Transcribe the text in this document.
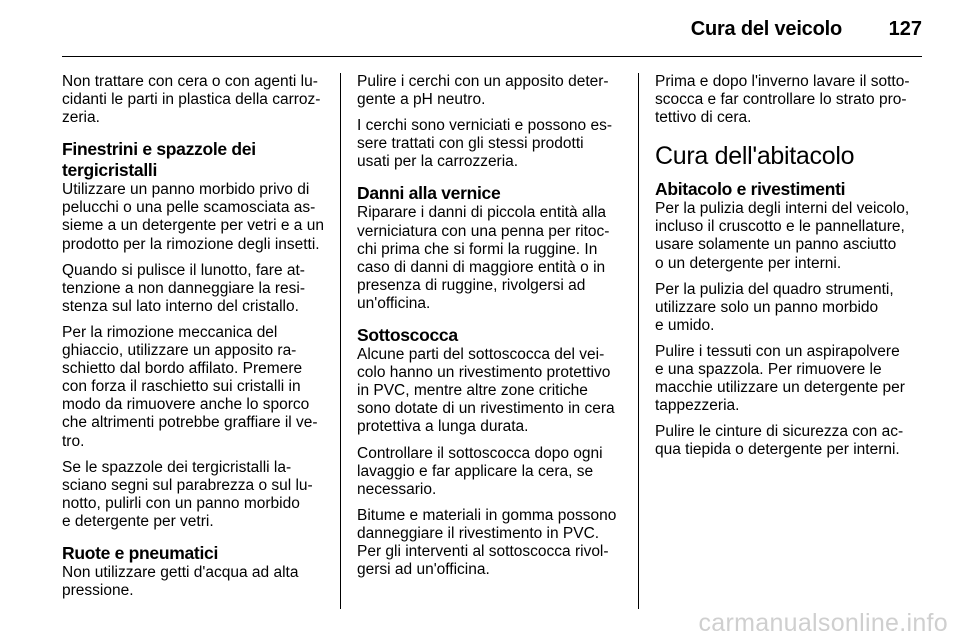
Cura del veicolo 127

Non trattare con cera o con agenti lu-
cidanti le parti in plastica della carroz-
zeria.

Finestrini e spazzole dei
tergicristalli

Utilizzare un panno morbido privo di
pelucchi o una pelle scamosciata as-
sieme a un detergente per vetri e a un
prodotto per la rimozione degli insetti.

Quando si pulisce il lunotto, fare at-
tenzione a non danneggiare la resi-
stenza sul lato interno del cristallo.

Per la rimozione meccanica del
ghiaccio, utilizzare un apposito ra-
schietto dal bordo affilato. Premere
con forza il raschietto sui cristalli in
modo da rimuovere anche lo sporco
che altrimenti potrebbe graffiare il ve-
tro.

Se le spazzole dei tergicristalli la-
sciano segni sul parabrezza o sul lu-
notto, pulirli con un panno morbido
e detergente per vetri.

Ruote e pneumatici

Non utilizzare getti d'acqua ad alta
pressione.

Pulire i cerchi con un apposito deter-
gente a pH neutro.

I cerchi sono verniciati e possono es-
sere trattati con gli stessi prodotti
usati per la carrozzeria.

Danni alla vernice

Riparare i danni di piccola entità alla
verniciatura con una penna per ritoc-
chi prima che si formi la ruggine. In
caso di danni di maggiore entità o in
presenza di ruggine, rivolgersi ad
un'officina.

Sottoscocca

Alcune parti del sottoscocca del vei-
colo hanno un rivestimento protettivo
in PVC, mentre altre zone critiche
sono dotate di un rivestimento in cera
protettiva a lunga durata.

Controllare il sottoscocca dopo ogni
lavaggio e far applicare la cera, se
necessario.

Bitume e materiali in gomma possono
danneggiare il rivestimento in PVC.
Per gli interventi al sottoscocca rivol-
gersi ad un'officina.

Prima e dopo l'inverno lavare il sotto-
scocca e far controllare lo strato pro-
tettivo di cera.

Cura dell'abitacolo
Abitacolo e rivestimenti

Per la pulizia degli interni del veicolo,
incluso il cruscotto e le pannellature,
usare solamente un panno asciutto
o un detergente per interni.

Per la pulizia del quadro strumenti,
utilizzare solo un panno morbido
e umido.

Pulire i tessuti con un aspirapolvere
e una spazzola. Per rimuovere le
macchie utilizzare un detergente per
tappezzeria.

Pulire le cinture di sicurezza con ac-
qua tiepida o detergente per interni.

carmanualsonline.info
